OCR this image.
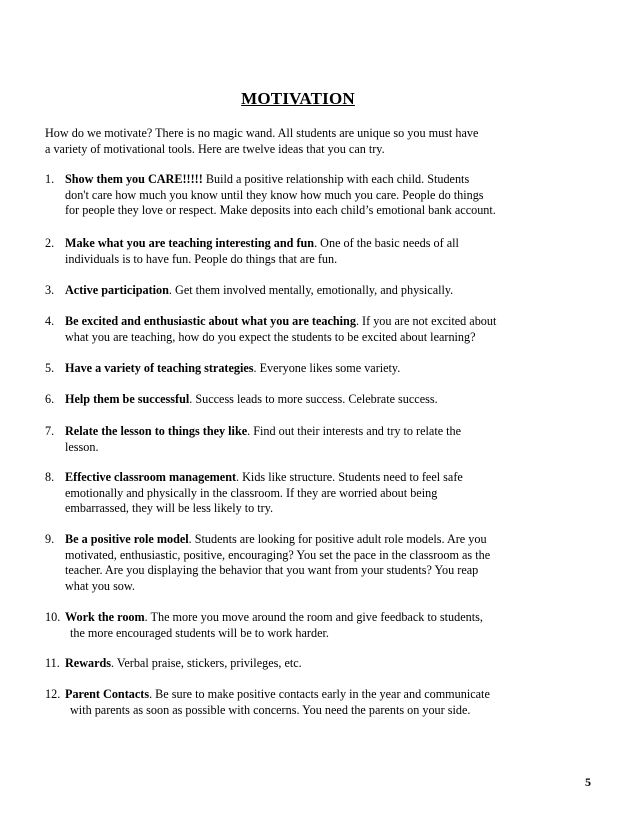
MOTIVATION

How do we motivate? There is no magic wand. All students are unique so you must have
a variety of motivational tools. Here are twelve ideas that you can try.

1. Show them you CARE!!!!! Build a positive relationship with each child. Students
don't care how much you know until they know how much you care. People do things
for people they love or respect. Make deposits into each child’s emotional bank account.

2. Make what you are teaching interesting and fun. One of the basic needs of all
individuals is to have fun. People do things that are fun.

3. Active participation. Get them involved mentally, emotionally, and physically.

4. Be excited and enthusiastic about what you are teaching. If you are not excited about
what you are teaching, how do you expect the students to be excited about learning?

5. Have a variety of teaching strategies. Everyone likes some variety.

6. Help them be successful. Success leads to more success. Celebrate success.

7. Relate the lesson to things they like. Find out their interests and try to relate the
lesson.

8. Effective classroom management. Kids like structure. Students need to feel safe
emotionally and physically in the classroom. If they are worried about being
embarrassed, they will be less likely to try.

9. Be a positive role model. Students are looking for positive adult role models. Are you
motivated, enthusiastic, positive, encouraging? You set the pace in the classroom as the
teacher. Are you displaying the behavior that you want from your students? You reap
what you sow.

10. Work the room. The more you move around the room and give feedback to students,
the more encouraged students will be to work harder.

11. Rewards. Verbal praise, stickers, privileges, etc.

12. Parent Contacts. Be sure to make positive contacts early in the year and communicate
with parents as soon as possible with concerns. You need the parents on your side.

5
